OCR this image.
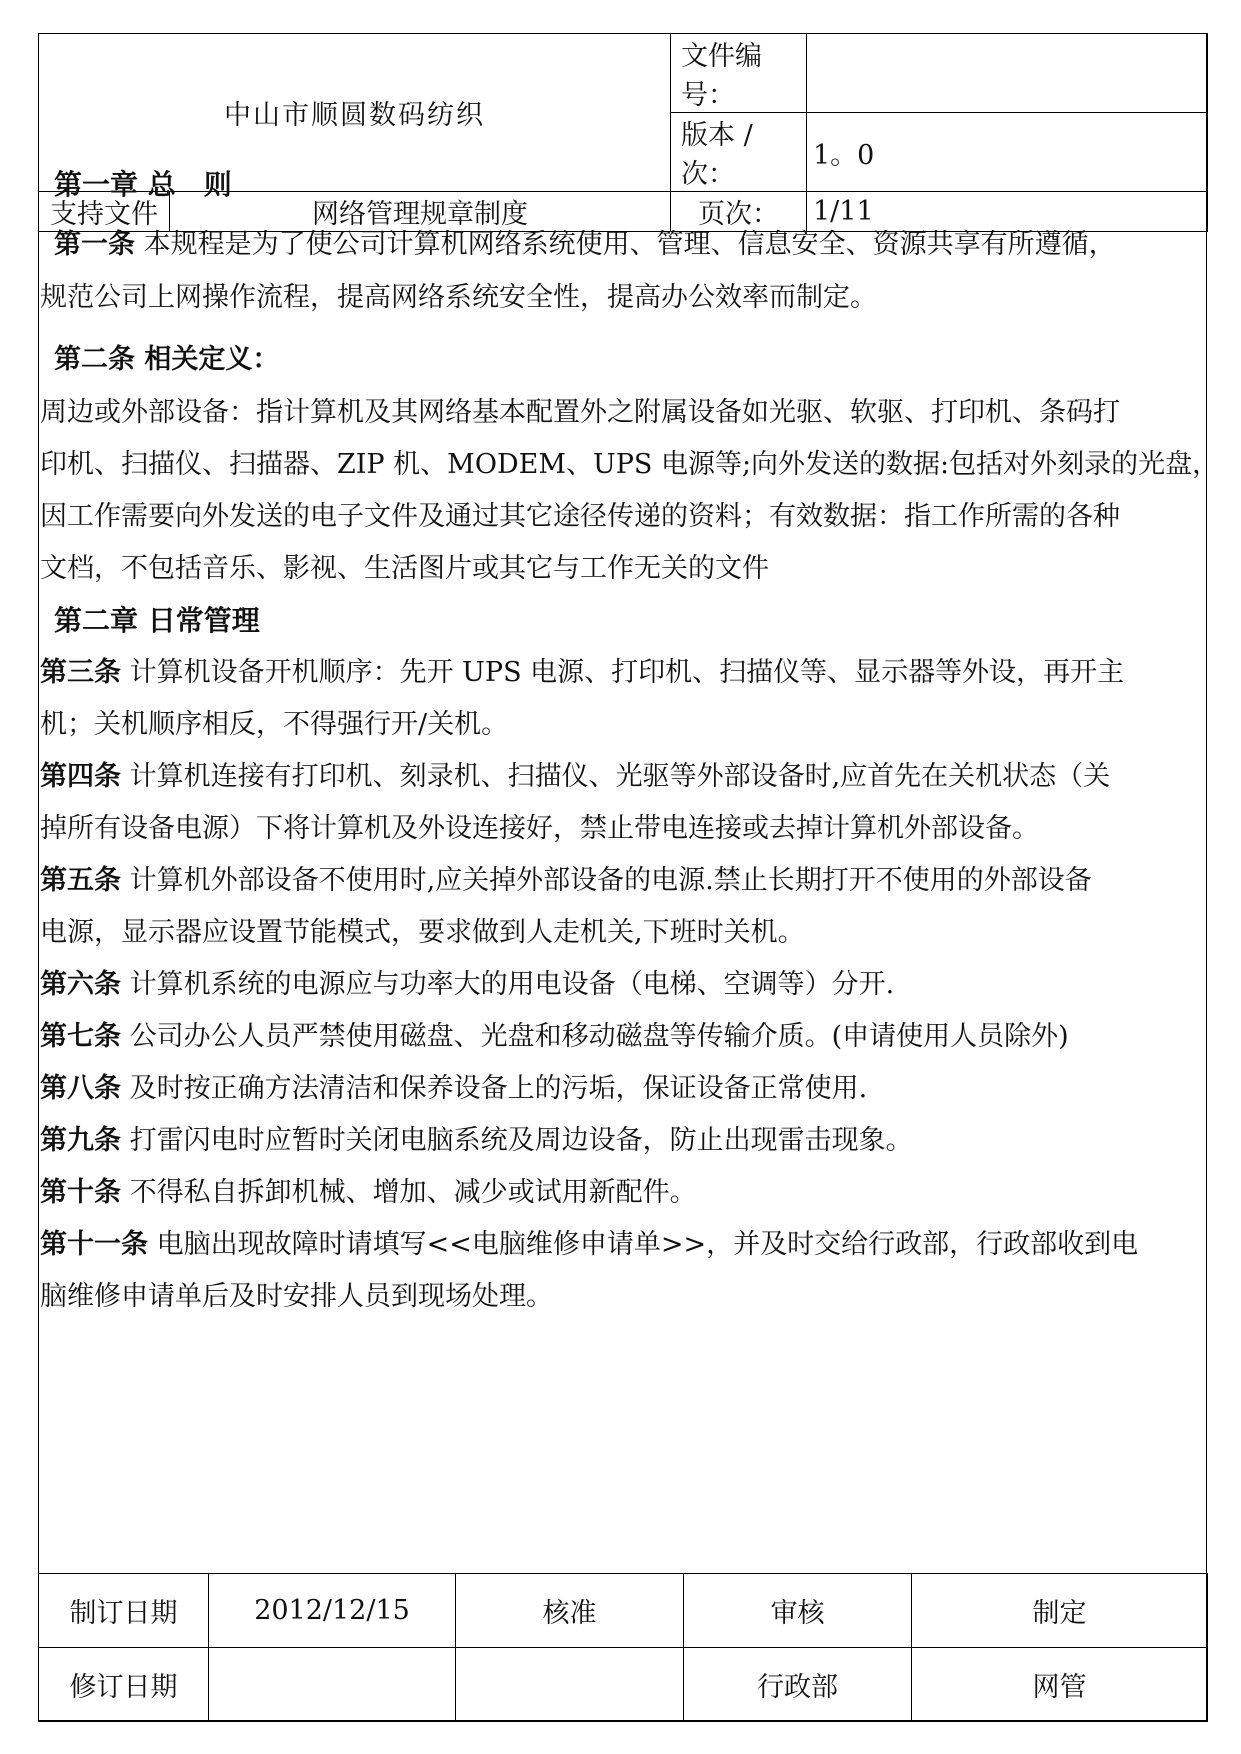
中山市顺圆数码纺织		文件编号：	
		版本 /次：	1。0
支持文件	网络管理规章制度	页次：	1/11
第一章 总　则
第一条 本规程是为了使公司计算机网络系统使用、管理、信息安全、资源共享有所遵循，
规范公司上网操作流程，提高网络系统安全性，提高办公效率而制定。
第二条 相关定义：
周边或外部设备：指计算机及其网络基本配置外之附属设备如光驱、软驱、打印机、条码打
印机、扫描仪、扫描器、ZIP 机、MODEM、UPS 电源等;向外发送的数据:包括对外刻录的光盘，
因工作需要向外发送的电子文件及通过其它途径传递的资料；有效数据：指工作所需的各种
文档，不包括音乐、影视、生活图片或其它与工作无关的文件
第二章 日常管理
第三条 计算机设备开机顺序：先开 UPS 电源、打印机、扫描仪等、显示器等外设，再开主
机；关机顺序相反，不得强行开/关机。
第四条 计算机连接有打印机、刻录机、扫描仪、光驱等外部设备时,应首先在关机状态（关
掉所有设备电源）下将计算机及外设连接好，禁止带电连接或去掉计算机外部设备。
第五条 计算机外部设备不使用时,应关掉外部设备的电源.禁止长期打开不使用的外部设备
电源，显示器应设置节能模式，要求做到人走机关,下班时关机。
第六条 计算机系统的电源应与功率大的用电设备（电梯、空调等）分开.
第七条 公司办公人员严禁使用磁盘、光盘和移动磁盘等传输介质。(申请使用人员除外)
第八条 及时按正确方法清洁和保养设备上的污垢，保证设备正常使用.
第九条 打雷闪电时应暂时关闭电脑系统及周边设备，防止出现雷击现象。
第十条 不得私自拆卸机械、增加、减少或试用新配件。
第十一条 电脑出现故障时请填写<<电脑维修申请单>>，并及时交给行政部，行政部收到电
脑维修申请单后及时安排人员到现场处理。
制订日期	2012/12/15	核准	审核	制定
修订日期			行政部	网管
